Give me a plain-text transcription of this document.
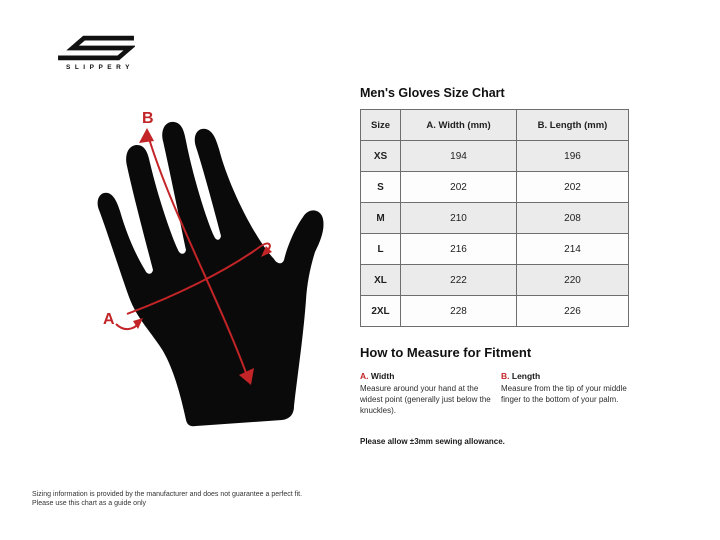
SLIPPERY
A
B
Men's Gloves Size Chart
Size	A. Width (mm)	B. Length (mm)
XS	194	196
S	202	202
M	210	208
L	216	214
XL	222	220
2XL	228	226
How to Measure for Fitment
A. Width
Measure around your hand at the widest point (generally just below the knuckles).
B. Length
Measure from the tip of your middle finger to the bottom of your palm.
Please allow ±3mm sewing allowance.
Sizing information is provided by the manufacturer and does not guarantee a perfect fit.
Please use this chart as a guide only
